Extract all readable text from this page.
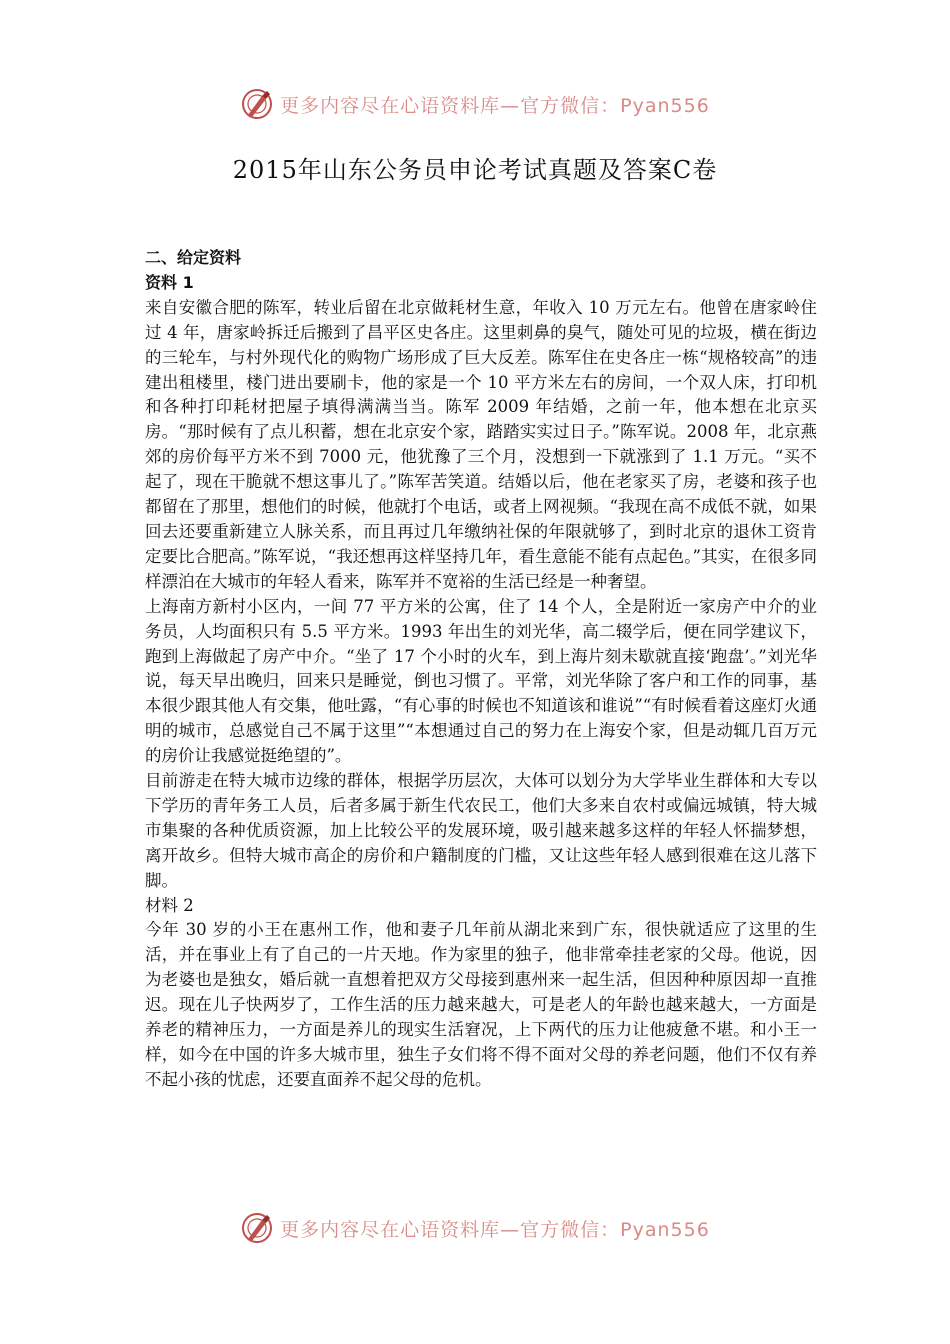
更多内容尽在心语资料库—官方微信：Pyan556
2015年山东公务员申论考试真题及答案C卷

二、给定资料

资料 1

来自安徽合肥的陈军，转业后留在北京做耗材生意，年收入 10 万元左右。他曾在唐家岭住过 4 年，唐家岭拆迁后搬到了昌平区史各庄。这里刺鼻的臭气，随处可见的垃圾，横在街边的三轮车，与村外现代化的购物广场形成了巨大反差。陈军住在史各庄一栋“规格较高”的违建出租楼里，楼门进出要刷卡，他的家是一个 10 平方米左右的房间，一个双人床，打印机和各种打印耗材把屋子填得满满当当。陈军 2009 年结婚，之前一年，他本想在北京买房。“那时候有了点儿积蓄，想在北京安个家，踏踏实实过日子。”陈军说。2008 年，北京燕郊的房价每平方米不到 7000 元，他犹豫了三个月，没想到一下就涨到了 1.1 万元。“买不起了，现在干脆就不想这事儿了。”陈军苦笑道。结婚以后，他在老家买了房，老婆和孩子也都留在了那里，想他们的时候，他就打个电话，或者上网视频。“我现在高不成低不就，如果回去还要重新建立人脉关系，而且再过几年缴纳社保的年限就够了，到时北京的退休工资肯定要比合肥高。”陈军说，“我还想再这样坚持几年，看生意能不能有点起色。”其实，在很多同样漂泊在大城市的年轻人看来，陈军并不宽裕的生活已经是一种奢望。

上海南方新村小区内，一间 77 平方米的公寓，住了 14 个人，全是附近一家房产中介的业务员，人均面积只有 5.5 平方米。1993 年出生的刘光华，高二辍学后，便在同学建议下，跑到上海做起了房产中介。“坐了 17 个小时的火车，到上海片刻未歇就直接‘跑盘’。”刘光华说，每天早出晚归，回来只是睡觉，倒也习惯了。平常，刘光华除了客户和工作的同事，基本很少跟其他人有交集，他吐露，“有心事的时候也不知道该和谁说”“有时候看着这座灯火通明的城市，总感觉自己不属于这里”“本想通过自己的努力在上海安个家，但是动辄几百万元的房价让我感觉挺绝望的”。

目前游走在特大城市边缘的群体，根据学历层次，大体可以划分为大学毕业生群体和大专以下学历的青年务工人员，后者多属于新生代农民工，他们大多来自农村或偏远城镇，特大城市集聚的各种优质资源，加上比较公平的发展环境，吸引越来越多这样的年轻人怀揣梦想，离开故乡。但特大城市高企的房价和户籍制度的门槛，又让这些年轻人感到很难在这儿落下脚。

材料 2

今年 30 岁的小王在惠州工作，他和妻子几年前从湖北来到广东，很快就适应了这里的生活，并在事业上有了自己的一片天地。作为家里的独子，他非常牵挂老家的父母。他说，因为老婆也是独女，婚后就一直想着把双方父母接到惠州来一起生活，但因种种原因却一直推迟。现在儿子快两岁了，工作生活的压力越来越大，可是老人的年龄也越来越大，一方面是养老的精神压力，一方面是养儿的现实生活窘况，上下两代的压力让他疲惫不堪。和小王一样，如今在中国的许多大城市里，独生子女们将不得不面对父母的养老问题，他们不仅有养不起小孩的忧虑，还要直面养不起父母的危机。

更多内容尽在心语资料库—官方微信：Pyan556
